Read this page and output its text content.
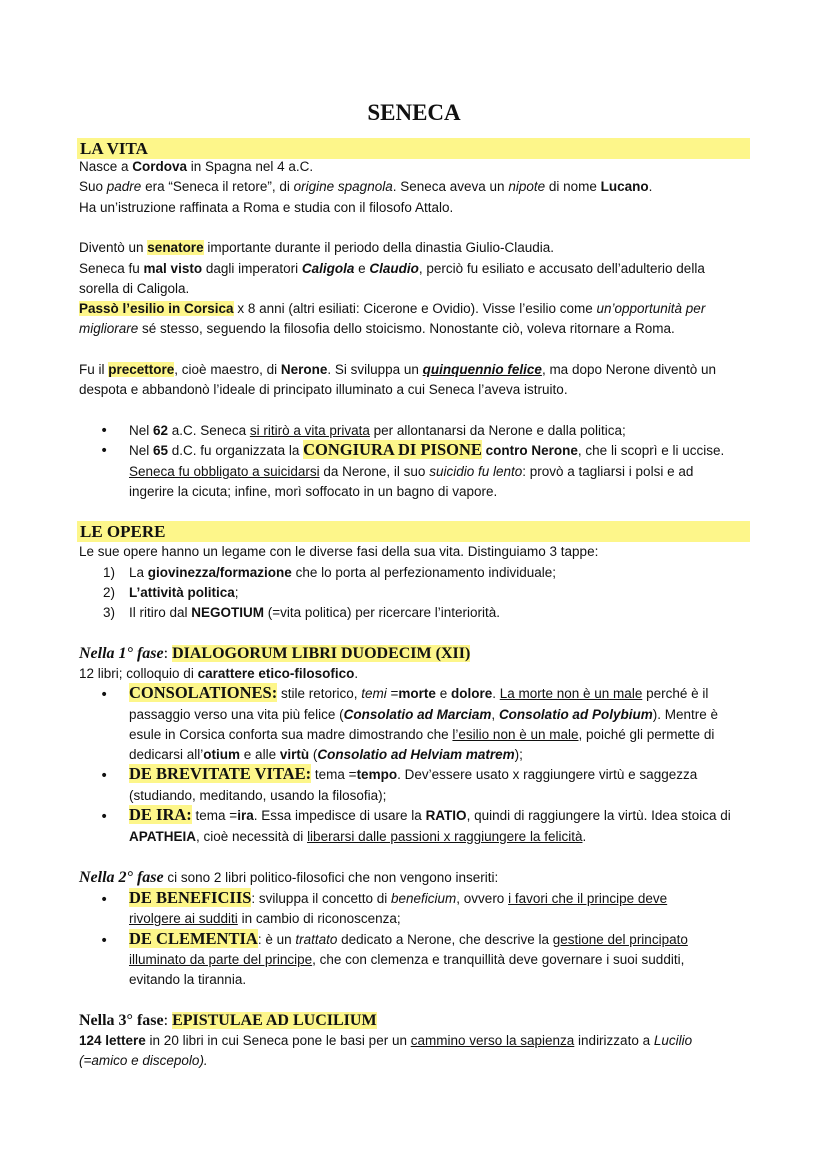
SENECA
LA VITA
Nasce a Cordova in Spagna nel 4 a.C.
Suo padre era “Seneca il retore”, di origine spagnola. Seneca aveva un nipote di nome Lucano.
Ha un’istruzione raffinata a Roma e studia con il filosofo Attalo.
Diventò un senatore importante durante il periodo della dinastia Giulio-Claudia.
Seneca fu mal visto dagli imperatori Caligola e Claudio, perciò fu esiliato e accusato dell’adulterio della
sorella di Caligola.
Passò l’esilio in Corsica x 8 anni (altri esiliati: Cicerone e Ovidio). Visse l’esilio come un’opportunità per
migliorare sé stesso, seguendo la filosofia dello stoicismo. Nonostante ciò, voleva ritornare a Roma.
Fu il precettore, cioè maestro, di Nerone. Si sviluppa un quinquennio felice, ma dopo Nerone diventò un
despota e abbandonò l’ideale di principato illuminato a cui Seneca l’aveva istruito.
• Nel 62 a.C. Seneca si ritirò a vita privata per allontanarsi da Nerone e dalla politica;
• Nel 65 d.C. fu organizzata la CONGIURA DI PISONE contro Nerone, che li scoprì e li uccise.
Seneca fu obbligato a suicidarsi da Nerone, il suo suicidio fu lento: provò a tagliarsi i polsi e ad
ingerire la cicuta; infine, morì soffocato in un bagno di vapore.
LE OPERE
Le sue opere hanno un legame con le diverse fasi della sua vita. Distinguiamo 3 tappe:
1) La giovinezza/formazione che lo porta al perfezionamento individuale;
2) L’attività politica;
3) Il ritiro dal NEGOTIUM (=vita politica) per ricercare l’interiorità.
Nella 1° fase: DIALOGORUM LIBRI DUODECIM (XII)
12 libri; colloquio di carattere etico-filosofico.
• CONSOLATIONES: stile retorico, temi =morte e dolore. La morte non è un male perché è il
passaggio verso una vita più felice (Consolatio ad Marciam, Consolatio ad Polybium). Mentre è
esule in Corsica conforta sua madre dimostrando che l’esilio non è un male, poiché gli permette di
dedicarsi all’otium e alle virtù (Consolatio ad Helviam matrem);
• DE BREVITATE VITAE: tema =tempo. Dev’essere usato x raggiungere virtù e saggezza
(studiando, meditando, usando la filosofia);
• DE IRA: tema =ira. Essa impedisce di usare la RATIO, quindi di raggiungere la virtù. Idea stoica di
APATHEIA, cioè necessità di liberarsi dalle passioni x raggiungere la felicità.
Nella 2° fase ci sono 2 libri politico-filosofici che non vengono inseriti:
• DE BENEFICIIS: sviluppa il concetto di beneficium, ovvero i favori che il principe deve
rivolgere ai sudditi in cambio di riconoscenza;
• DE CLEMENTIA: è un trattato dedicato a Nerone, che descrive la gestione del principato
illuminato da parte del principe, che con clemenza e tranquillità deve governare i suoi sudditi,
evitando la tirannia.
Nella 3° fase: EPISTULAE AD LUCILIUM
124 lettere in 20 libri in cui Seneca pone le basi per un cammino verso la sapienza indirizzato a Lucilio
(=amico e discepolo).
